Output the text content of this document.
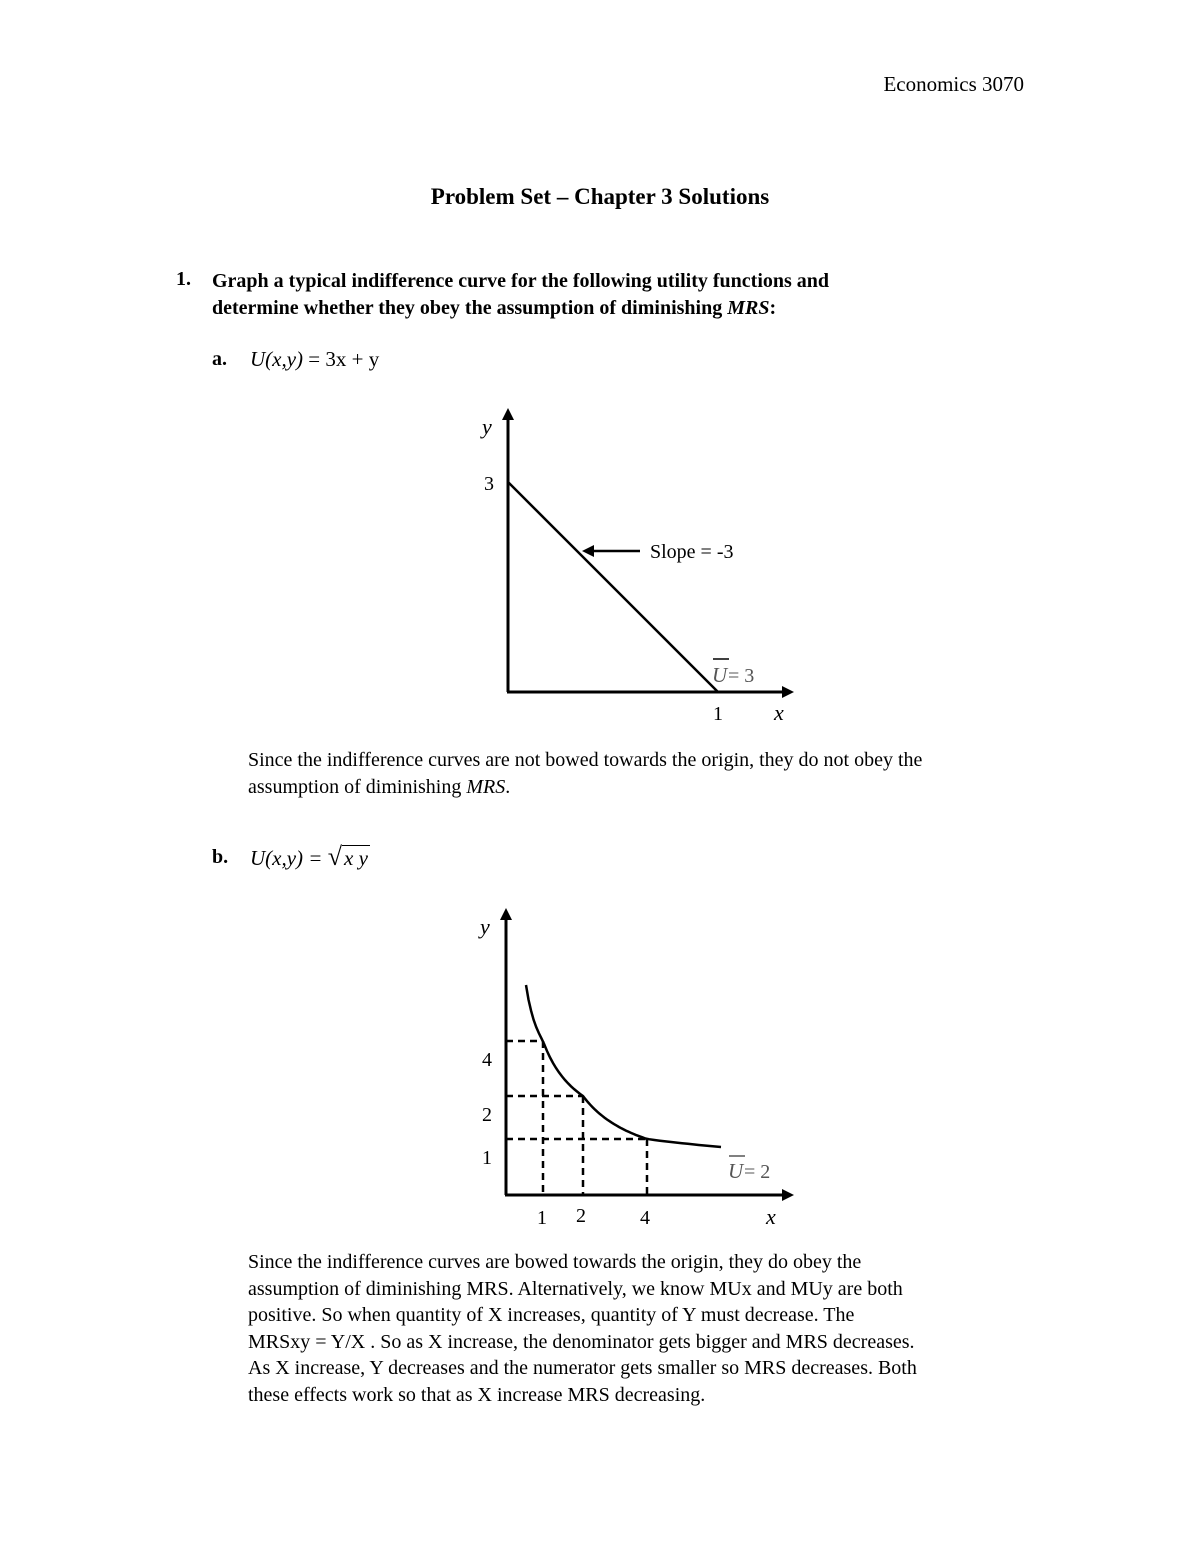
Economics 3070
Problem Set – Chapter 3 Solutions
1. Graph a typical indifference curve for the following utility functions and
determine whether they obey the assumption of diminishing MRS:
a. U(x,y) = 3x + y
y
3
1 x
Slope = -3
U = 3
Since the indifference curves are not bowed towards the origin, they do not obey the
assumption of diminishing MRS.
b. U(x,y) = √x y
y
4
2
1
1 2	4	x
U = 2
Since the indifference curves are bowed towards the origin, they do obey the
assumption of diminishing MRS. Alternatively, we know MUx and MUy are both
positive. So when quantity of X increases, quantity of Y must decrease. The
MRSxy = Y/X . So as X increase, the denominator gets bigger and MRS decreases.
As X increase, Y decreases and the numerator gets smaller so MRS decreases. Both
these effects work so that as X increase MRS decreasing.
